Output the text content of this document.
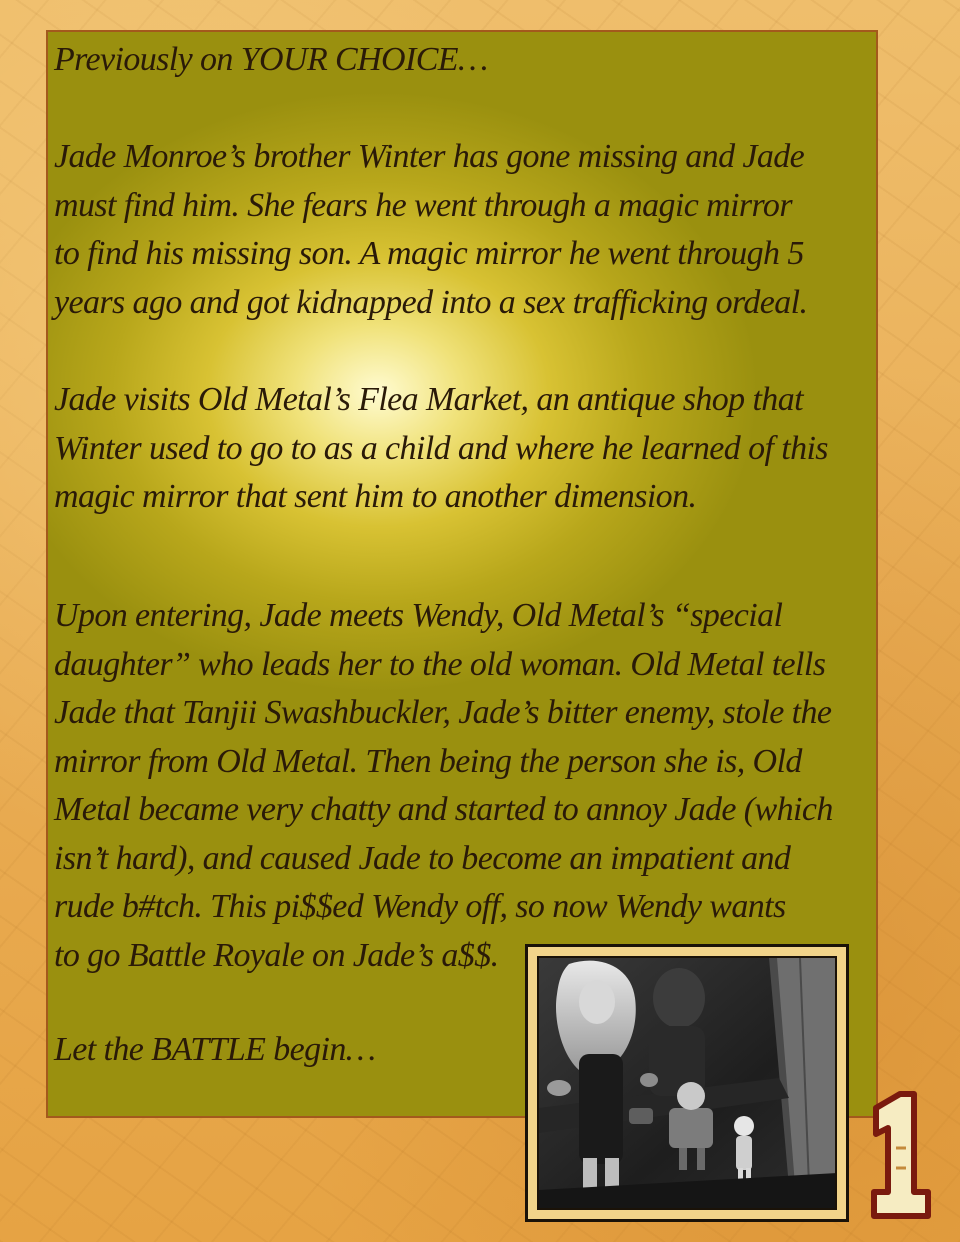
Previously on YOUR CHOICE…

Jade Monroe’s brother Winter has gone missing and Jade
must find him. She fears he went through a magic mirror
to find his missing son. A magic mirror he went through 5
years ago and got kidnapped into a sex trafficking ordeal.

Jade visits Old Metal’s Flea Market, an antique shop that
Winter used to go to as a child and where he learned of this
magic mirror that sent him to another dimension.

Upon entering, Jade meets Wendy, Old Metal’s “special
daughter” who leads her to the old woman. Old Metal tells
Jade that Tanjii Swashbuckler, Jade’s bitter enemy, stole the
mirror from Old Metal. Then being the person she is, Old
Metal became very chatty and started to annoy Jade (which
isn’t hard), and caused Jade to become an impatient and
rude b#tch. This pi$$ed Wendy off, so now Wendy wants
to go Battle Royale on Jade’s a$$.

Let the BATTLE begin…
